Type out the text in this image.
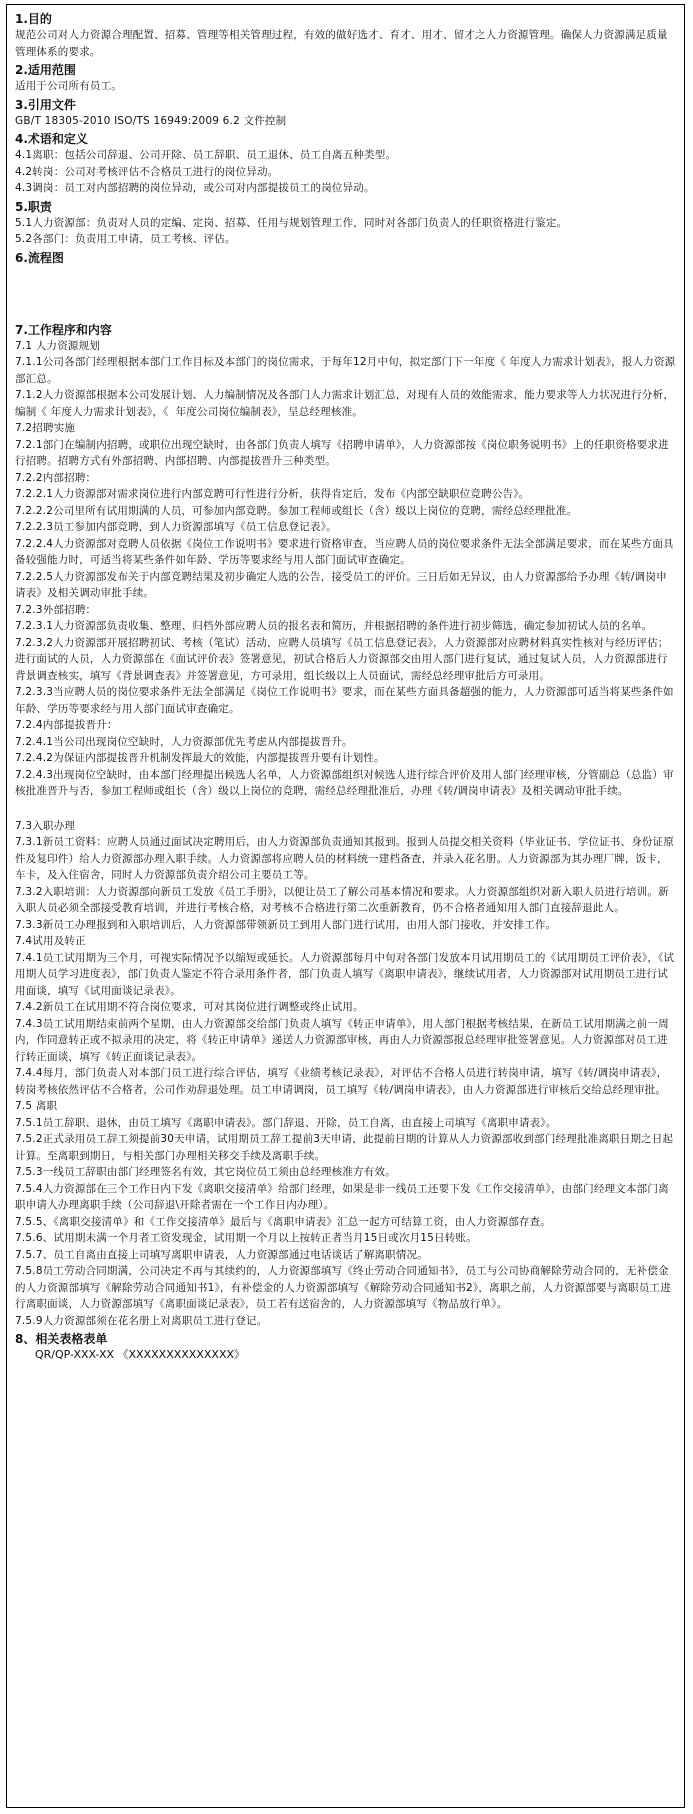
1.目的
规范公司对人力资源合理配置、招募、管理等相关管理过程，有效的做好选才、育才、用才、留才之人力资源管理。确保人力资源满足质量管理体系的要求。
2.适用范围
适用于公司所有员工。
3.引用文件
GB/T 18305-2010 ISO/TS 16949:2009 6.2 文件控制
4.术语和定义
4.1离职：包括公司辞退、公司开除、员工辞职、员工退休、员工自离五种类型。
4.2转岗：公司对考核评估不合格员工进行的岗位异动。
4.3调岗：员工对内部招聘的岗位异动，或公司对内部提拔员工的岗位异动。
5.职责
5.1人力资源部：负责对人员的定编、定岗、招募、任用与规划管理工作，同时对各部门负责人的任职资格进行鉴定。
5.2各部门：负责用工申请，员工考核、评估。
6.流程图
7.工作程序和内容
7.1 人力资源规划
7.1.1公司各部门经理根据本部门工作目标及本部门的岗位需求，于每年12月中旬，拟定部门下一年度《 年度人力需求计划表》，报人力资源部汇总。
7.1.2人力资源部根据本公司发展计划、人力编制情况及各部门人力需求计划汇总，对现有人员的效能需求，能力要求等人力状况进行分析，编制《 年度人力需求计划表》，《  年度公司岗位编制表》，呈总经理核准。
7.2招聘实施
7.2.1部门在编制内招聘，或职位出现空缺时，由各部门负责人填写《招聘申请单》，人力资源部按《岗位职务说明书》上的任职资格要求进行招聘。招聘方式有外部招聘、内部招聘、内部提拔晋升三种类型。
7.2.2内部招聘：
7.2.2.1人力资源部对需求岗位进行内部竞聘可行性进行分析，获得肯定后，发布《内部空缺职位竞聘公告》。
7.2.2.2公司里所有试用期满的人员，可参加内部竞聘。参加工程师或组长（含）级以上岗位的竞聘，需经总经理批准。
7.2.2.3员工参加内部竞聘，到人力资源部填写《员工信息登记表》。
7.2.2.4人力资源部对竞聘人员依据《岗位工作说明书》要求进行资格审查，当应聘人员的岗位要求条件无法全部满足要求，而在某些方面具备较强能力时，可适当将某些条件如年龄、学历等要求经与用人部门面试审查确定。
7.2.2.5人力资源部发布关于内部竞聘结果及初步确定人选的公告，接受员工的评价。三日后如无异议，由人力资源部给予办理《转/调岗申请表》及相关调动审批手续。
7.2.3外部招聘：
7.2.3.1人力资源部负责收集、整理、归档外部应聘人员的报名表和简历，并根据招聘的条件进行初步筛选，确定参加初试人员的名单。
7.2.3.2人力资源部开展招聘初试、考核（笔试）活动，应聘人员填写《员工信息登记表》，人力资源部对应聘材料真实性核对与经历评估；进行面试的人员，人力资源部在《面试评价表》签署意见，初试合格后人力资源部交由用人部门进行复试，通过复试人员，人力资源部进行背景调查核实，填写《背景调查表》并签署意见，方可录用，组长级以上人员面试，需经总经理审批后方可录用。
7.2.3.3当应聘人员的岗位要求条件无法全部满足《岗位工作说明书》要求，而在某些方面具备超强的能力，人力资源部可适当将某些条件如年龄、学历等要求经与用人部门面试审查确定。
7.2.4内部提拔晋升：
7.2.4.1当公司出现岗位空缺时，人力资源部优先考虑从内部提拔晋升。
7.2.4.2为保证内部提拔晋升机制发挥最大的效能，内部提拔晋升要有计划性。
7.2.4.3出现岗位空缺时，由本部门经理提出候选人名单，人力资源部组织对候选人进行综合评价及用人部门经理审核，分管副总（总监）审核批准晋升与否，参加工程师或组长（含）级以上岗位的竞聘，需经总经理批准后，办理《转/调岗申请表》及相关调动审批手续。
7.3入职办理
7.3.1新员工资料：应聘人员通过面试决定聘用后，由人力资源部负责通知其报到。报到人员提交相关资料（毕业证书、学位证书、身份证原件及复印件）给人力资源部办理入职手续。人力资源部将应聘人员的材料统一建档备查，并录入花名册。人力资源部为其办理厂牌，饭卡，车卡，及入住宿舍，同时人力资源部负责介绍公司主要员工等。
7.3.2入职培训：人力资源部向新员工发放《员工手册》，以便让员工了解公司基本情况和要求。人力资源部组织对新入职人员进行培训。新入职人员必须全部接受教育培训，并进行考核合格，对考核不合格进行第二次重新教育，仍不合格者通知用人部门直接辞退此人。
7.3.3新员工办理报到和入职培训后，人力资源部带领新员工到用人部门进行试用，由用人部门接收，并安排工作。
7.4试用及转正
7.4.1员工试用期为三个月，可视实际情况予以缩短或延长。人力资源部每月中旬对各部门发放本月试用期员工的《试用期员工评价表》，《试用期人员学习进度表》，部门负责人鉴定不符合录用条件者，部门负责人填写《离职申请表》，继续试用者，人力资源部对试用期员工进行试用面谈，填写《试用面谈记录表》。
7.4.2新员工在试用期不符合岗位要求，可对其岗位进行调整或终止试用。
7.4.3员工试用期结束前两个星期，由人力资源部交给部门负责人填写《转正申请单》，用人部门根据考核结果，在新员工试用期满之前一周内，作同意转正或不拟录用的决定，将《转正申请单》递送人力资源部审核，再由人力资源部报总经理审批签署意见。人力资源部对员工进行转正面谈，填写《转正面谈记录表》。
7.4.4每月，部门负责人对本部门员工进行综合评估，填写《业绩考核记录表》，对评估不合格人员进行转岗申请，填写《转/调岗申请表》，转岗考核依然评估不合格者，公司作劝辞退处理。员工申请调岗，员工填写《转/调岗申请表》，由人力资源部进行审核后交给总经理审批。
7.5 离职
7.5.1员工辞职、退休，由员工填写《离职申请表》。部门辞退、开除，员工自离，由直接上司填写《离职申请表》。
7.5.2正式录用员工辞工须提前30天申请，试用期员工辞工提前3天申请，此提前日期的计算从人力资源部收到部门经理批准离职日期之日起计算。至离职到期日，与相关部门办理相关移交手续及离职手续。
7.5.3一线员工辞职由部门经理签名有效，其它岗位员工须由总经理核准方有效。
7.5.4人力资源部在三个工作日内下发《离职交接清单》给部门经理，如果是非一线员工还要下发《工作交接清单》，由部门经理文本部门离职申请人办理离职手续（公司辞退\开除者需在一个工作日内办理）。
7.5.5、《离职交接清单》和《工作交接清单》最后与《离职申请表》汇总一起方可结算工资，由人力资源部存查。
7.5.6、试用期未满一个月者工资发现金，试用期一个月以上按转正者当月15日或次月15日转账。
7.5.7、员工自离由直接上司填写离职申请表，人力资源部通过电话谈话了解离职情况。
7.5.8员工劳动合同期满，公司决定不再与其续约的，人力资源部填写《终止劳动合同通知书》，员工与公司协商解除劳动合同的，无补偿金的人力资源部填写《解除劳动合同通知书1》，有补偿金的人力资源部填写《解除劳动合同通知书2》，离职之前，人力资源部要与离职员工进行离职面谈，人力资源部填写《离职面谈记录表》，员工若有送宿舍的，人力资源部填写《物品放行单》。
7.5.9人力资源部须在花名册上对离职员工进行登记。
8、相关表格表单
QR/QP-XXX-XX 《XXXXXXXXXXXXXX》
